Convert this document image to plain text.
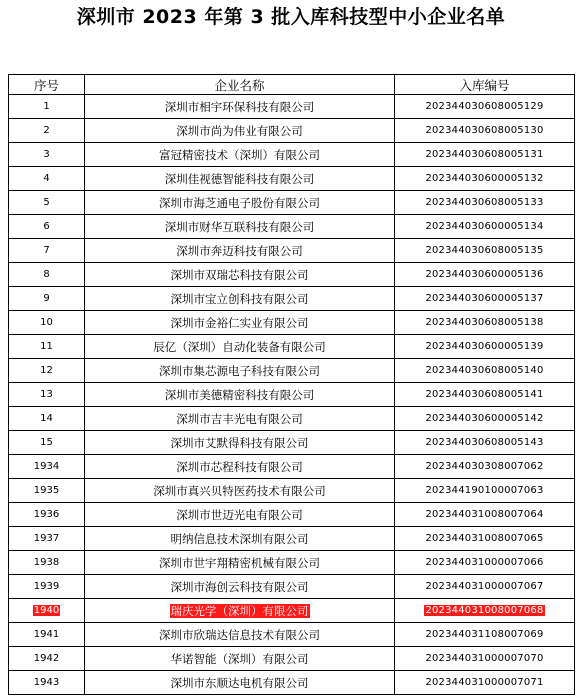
深圳市 2023 年第 3 批入库科技型中小企业名单
序号	企业名称	入库编号
1	深圳市相宇环保科技有限公司	202344030608005129
2	深圳市尚为伟业有限公司	202344030608005130
3	富冠精密技术（深圳）有限公司	202344030608005131
4	深圳佳视德智能科技有限公司	202344030600005132
5	深圳市海芝通电子股份有限公司	202344030608005133
6	深圳市财华互联科技有限公司	202344030600005134
7	深圳市奔迈科技有限公司	202344030608005135
8	深圳市双瑞芯科技有限公司	202344030600005136
9	深圳市宝立创科技有限公司	202344030600005137
10	深圳市金裕仁实业有限公司	202344030608005138
11	辰亿（深圳）自动化装备有限公司	202344030600005139
12	深圳市集芯源电子科技有限公司	202344030608005140
13	深圳市美德精密科技有限公司	202344030608005141
14	深圳市吉丰光电有限公司	202344030600005142
15	深圳市艾默得科技有限公司	202344030608005143
1934	深圳市芯程科技有限公司	202344030308007062
1935	深圳市真兴贝特医药技术有限公司	202344190100007063
1936	深圳市世迈光电有限公司	202344031008007064
1937	明纳信息技术深圳有限公司	202344031008007065
1938	深圳市世宇翔精密机械有限公司	202344031000007066
1939	深圳市海创云科技有限公司	202344031000007067
1940	瑞庆光学（深圳）有限公司	202344031008007068
1941	深圳市欣瑞达信息技术有限公司	202344031108007069
1942	华诺智能（深圳）有限公司	202344031000007070
1943	深圳市东顺达电机有限公司	202344031000007071
